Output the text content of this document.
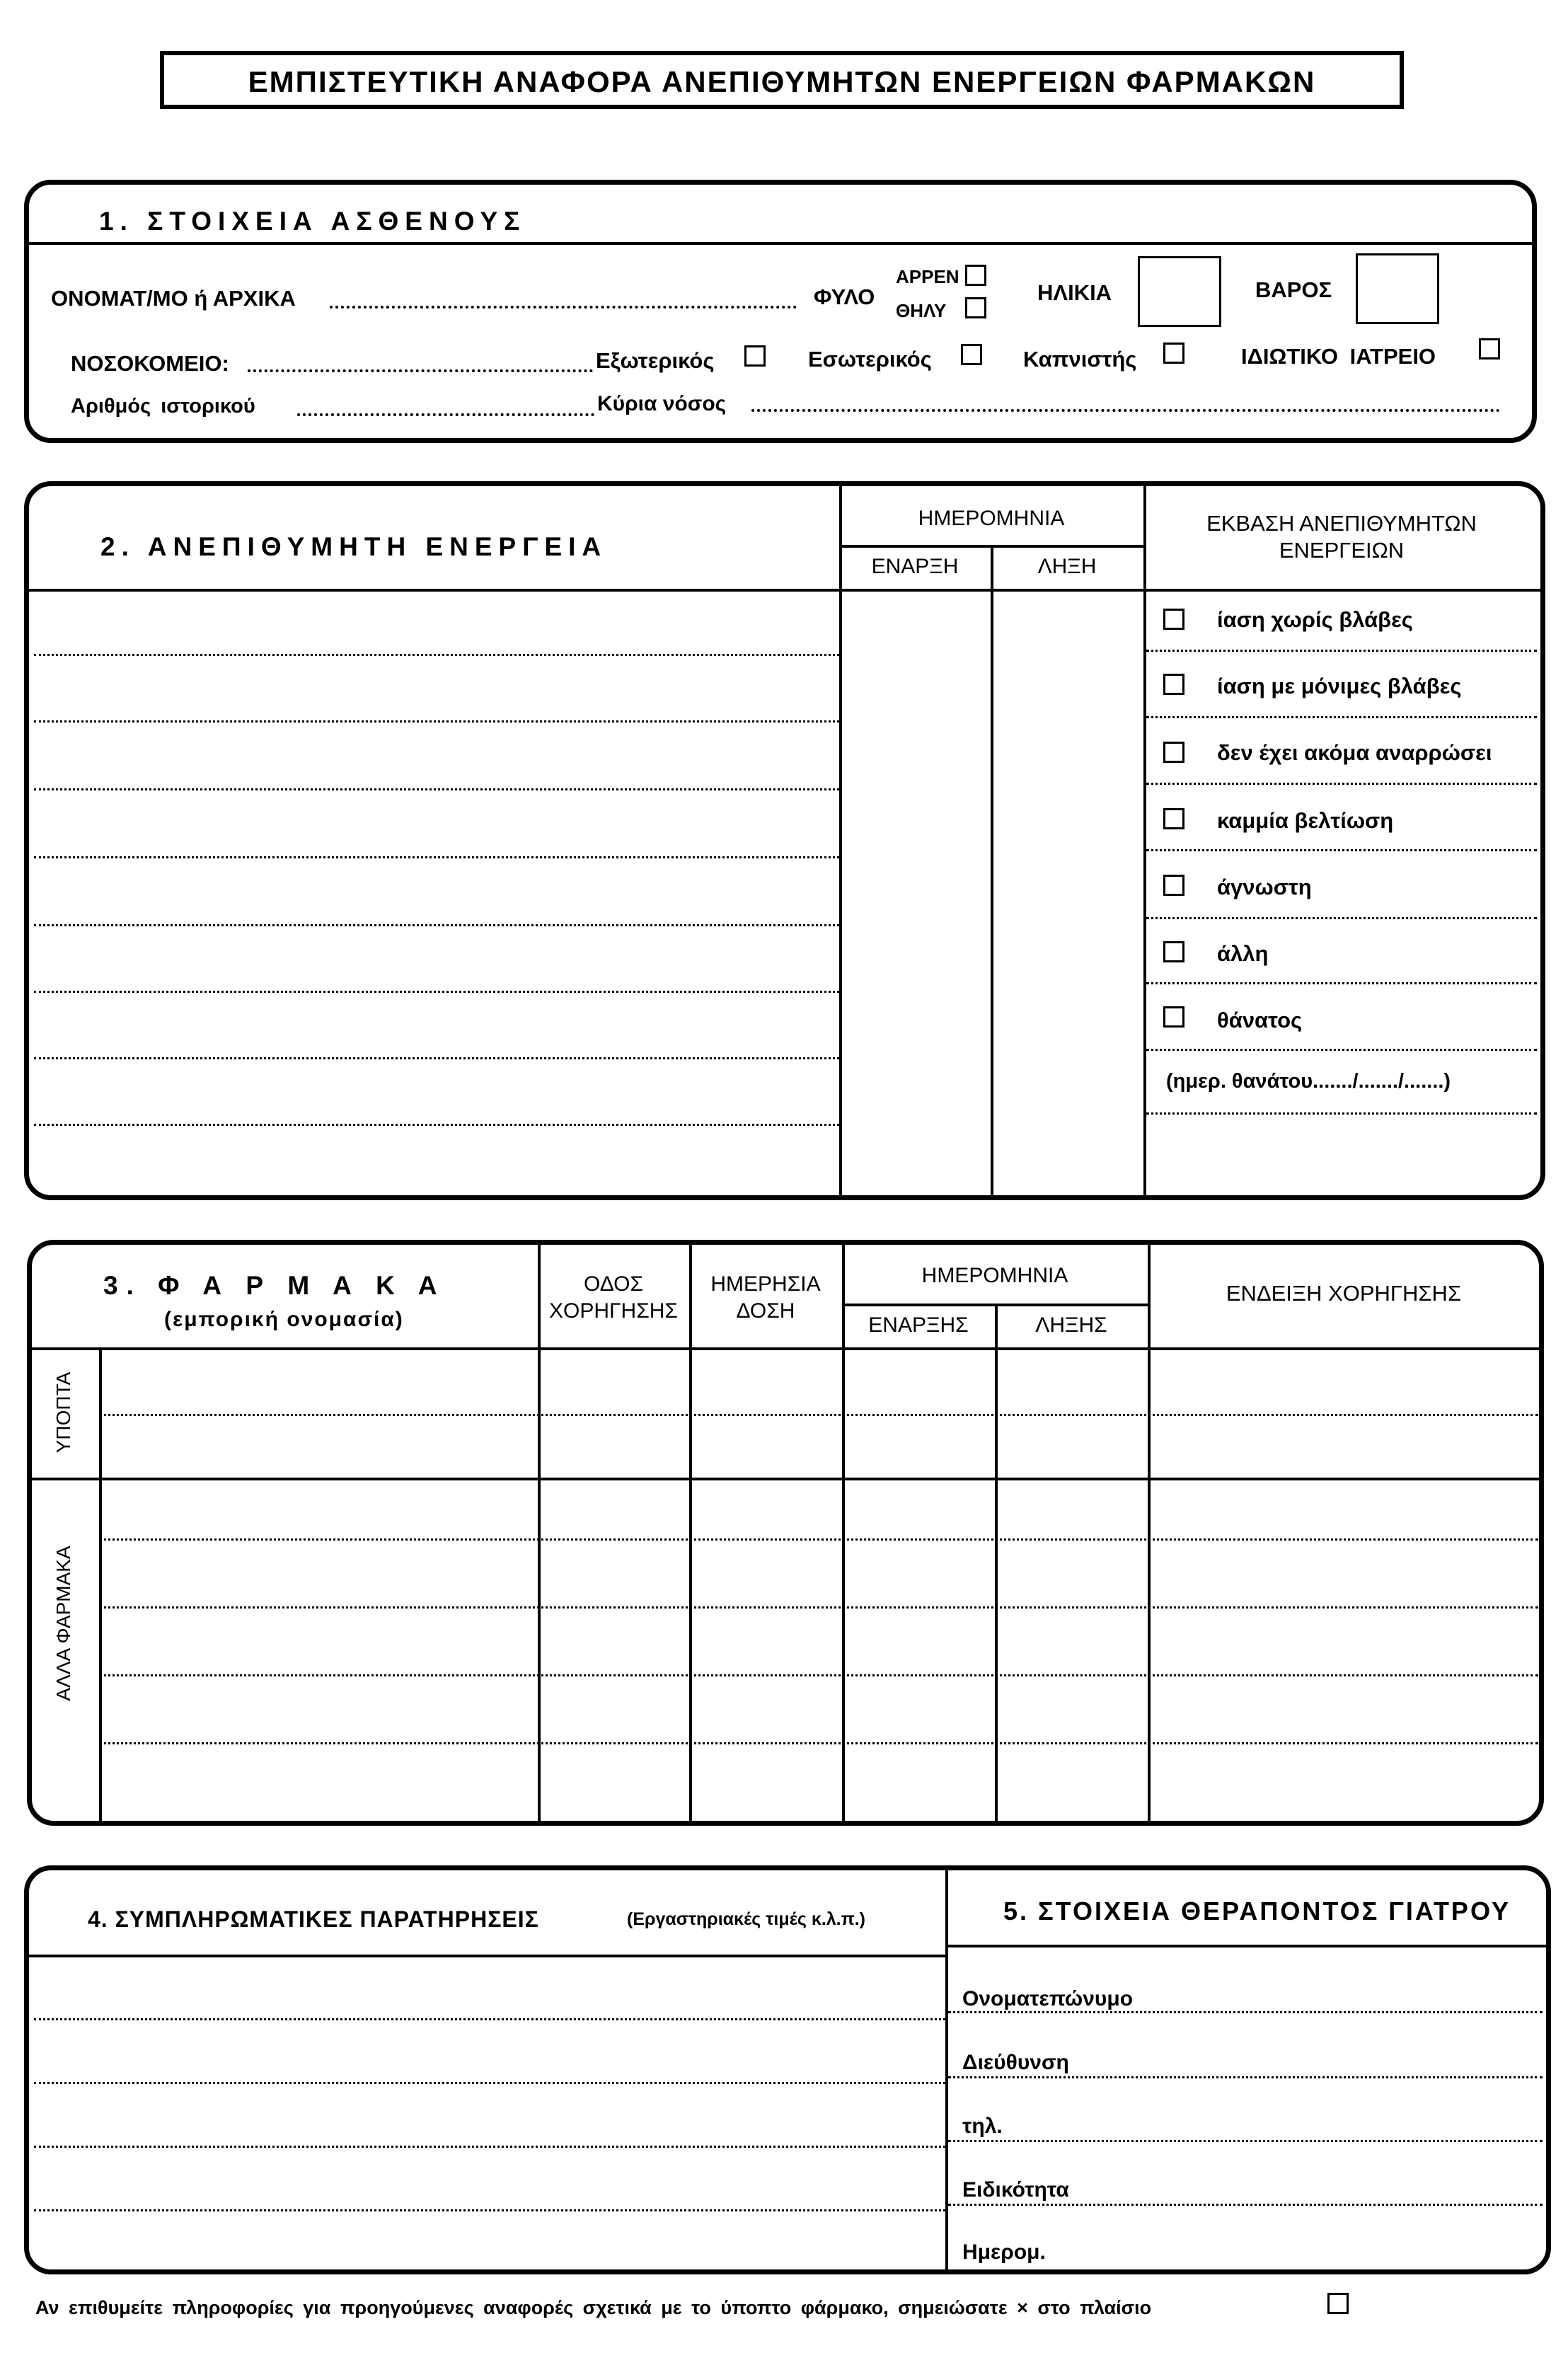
ΕΜΠΙΣΤΕΥΤΙΚΗ ΑΝΑΦΟΡΑ ΑΝΕΠΙΘΥΜΗΤΩΝ ΕΝΕΡΓΕΙΩΝ ΦΑΡΜΑΚΩΝ
1. ΣΤΟΙΧΕΙΑ ΑΣΘΕΝΟΥΣ
ΟΝΟΜΑΤ/ΜΟ ή ΑΡΧΙΚΑ	ΦΥΛΟ
ΑΡΡΕΝ
ΘΗΛΥ
ΗΛΙΚΙΑ	ΒΑΡΟΣ
ΝΟΣΟΚΟΜΕΙΟ:	Εξωτερικός	Εσωτερικός	Καπνιστής	ΙΔΙΩΤΙΚΟ ΙΑΤΡΕΙΟ
Αριθμός ιστορικού	Κύρια νόσος
2. ΑΝΕΠΙΘΥΜΗΤΗ ΕΝΕΡΓΕΙΑ
ΗΜΕΡΟΜΗΝΙΑ
ΕΝΑΡΞΗ	ΛΗΞΗ
ΕΚΒΑΣΗ ΑΝΕΠΙΘΥΜΗΤΩΝ
ΕΝΕΡΓΕΙΩΝ
ίαση χωρίς βλάβες
ίαση με μόνιμες βλάβες
δεν έχει ακόμα αναρρώσει
καμμία βελτίωση
άγνωστη
άλλη
θάνατος
(ημερ. θανάτου......./......./.......)
3. Φ Α Ρ Μ Α Κ Α
(εμπορική ονομασία)
ΟΔΟΣ
ΧΟΡΗΓΗΣΗΣ
ΗΜΕΡΗΣΙΑ
ΔΟΣΗ
ΗΜΕΡΟΜΗΝΙΑ
ΕΝΑΡΞΗΣ	ΛΗΞΗΣ
ΕΝΔΕΙΞΗ ΧΟΡΗΓΗΣΗΣ
ΥΠΟΠΤΑ
ΑΛΛΑ ΦΑΡΜΑΚΑ
4. ΣΥΜΠΛΗΡΩΜΑΤΙΚΕΣ ΠΑΡΑΤΗΡΗΣΕΙΣ	(Εργαστηριακές τιμές κ.λ.π.)	5. ΣΤΟΙΧΕΙΑ ΘΕΡΑΠΟΝΤΟΣ ΓΙΑΤΡΟΥ
Ονοματεπώνυμο
Διεύθυνση
τηλ.
Ειδικότητα
Ημερομ.
Αν επιθυμείτε πληροφορίες για προηγούμενες αναφορές σχετικά με το ύποπτο φάρμακο, σημειώσατε × στο πλαίσιο
